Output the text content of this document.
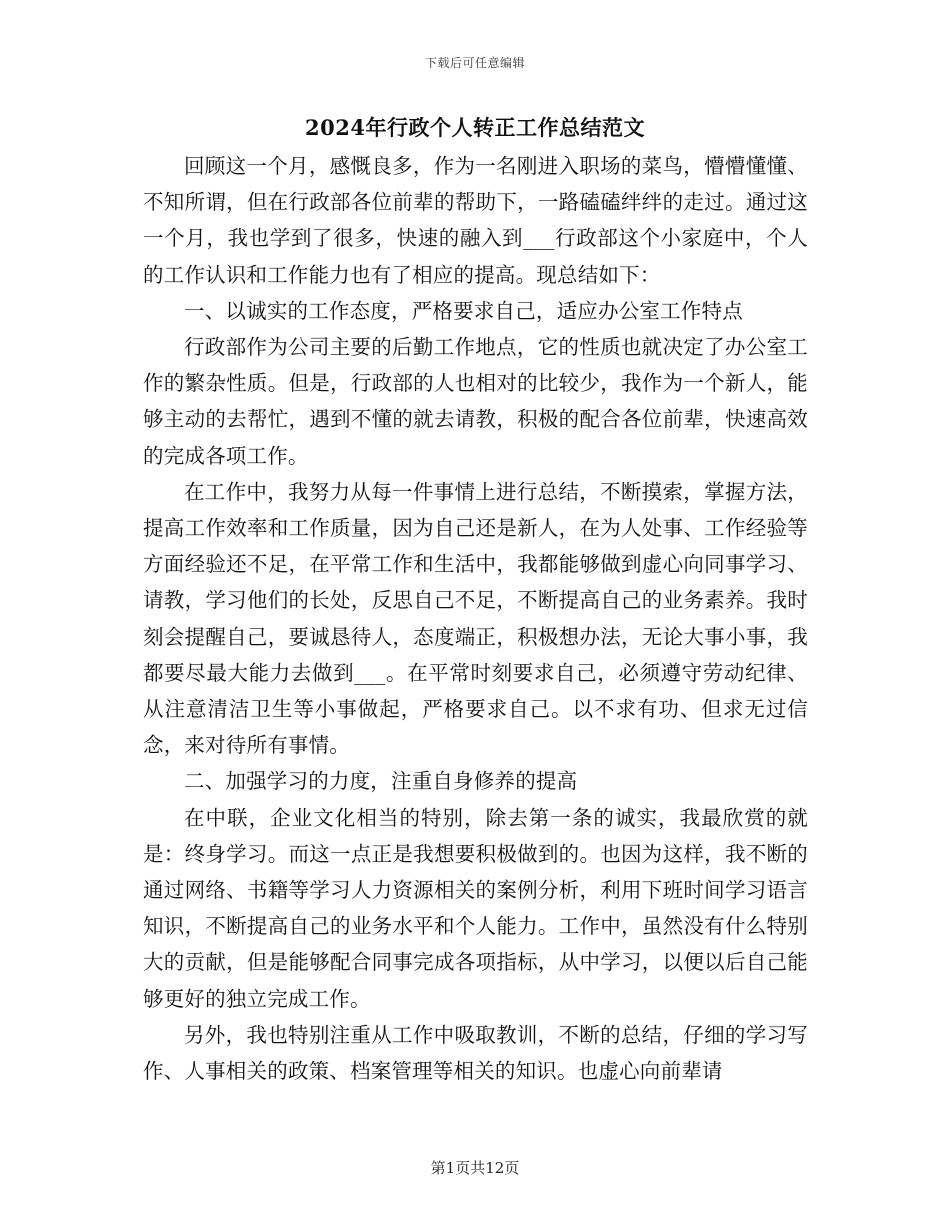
下载后可任意编辑
2024年行政个人转正工作总结范文

回顾这一个月，感慨良多，作为一名刚进入职场的菜鸟，懵懵懂懂、不知所谓，但在行政部各位前辈的帮助下，一路磕磕绊绊的走过。通过这一个月，我也学到了很多，快速的融入到___行政部这个小家庭中，个人的工作认识和工作能力也有了相应的提高。现总结如下：

一、以诚实的工作态度，严格要求自己，适应办公室工作特点

行政部作为公司主要的后勤工作地点，它的性质也就决定了办公室工作的繁杂性质。但是，行政部的人也相对的比较少，我作为一个新人，能够主动的去帮忙，遇到不懂的就去请教，积极的配合各位前辈，快速高效的完成各项工作。

在工作中，我努力从每一件事情上进行总结，不断摸索，掌握方法，提高工作效率和工作质量，因为自己还是新人，在为人处事、工作经验等方面经验还不足，在平常工作和生活中，我都能够做到虚心向同事学习、请教，学习他们的长处，反思自己不足，不断提高自己的业务素养。我时刻会提醒自己，要诚恳待人，态度端正，积极想办法，无论大事小事，我都要尽最大能力去做到___。在平常时刻要求自己，必须遵守劳动纪律、从注意清洁卫生等小事做起，严格要求自己。以不求有功、但求无过信念，来对待所有事情。

二、加强学习的力度，注重自身修养的提高

在中联，企业文化相当的特别，除去第一条的诚实，我最欣赏的就是：终身学习。而这一点正是我想要积极做到的。也因为这样，我不断的通过网络、书籍等学习人力资源相关的案例分析，利用下班时间学习语言知识，不断提高自己的业务水平和个人能力。工作中，虽然没有什么特别大的贡献，但是能够配合同事完成各项指标，从中学习，以便以后自己能够更好的独立完成工作。

另外，我也特别注重从工作中吸取教训，不断的总结，仔细的学习写作、人事相关的政策、档案管理等相关的知识。也虚心向前辈请

第1页共12页
